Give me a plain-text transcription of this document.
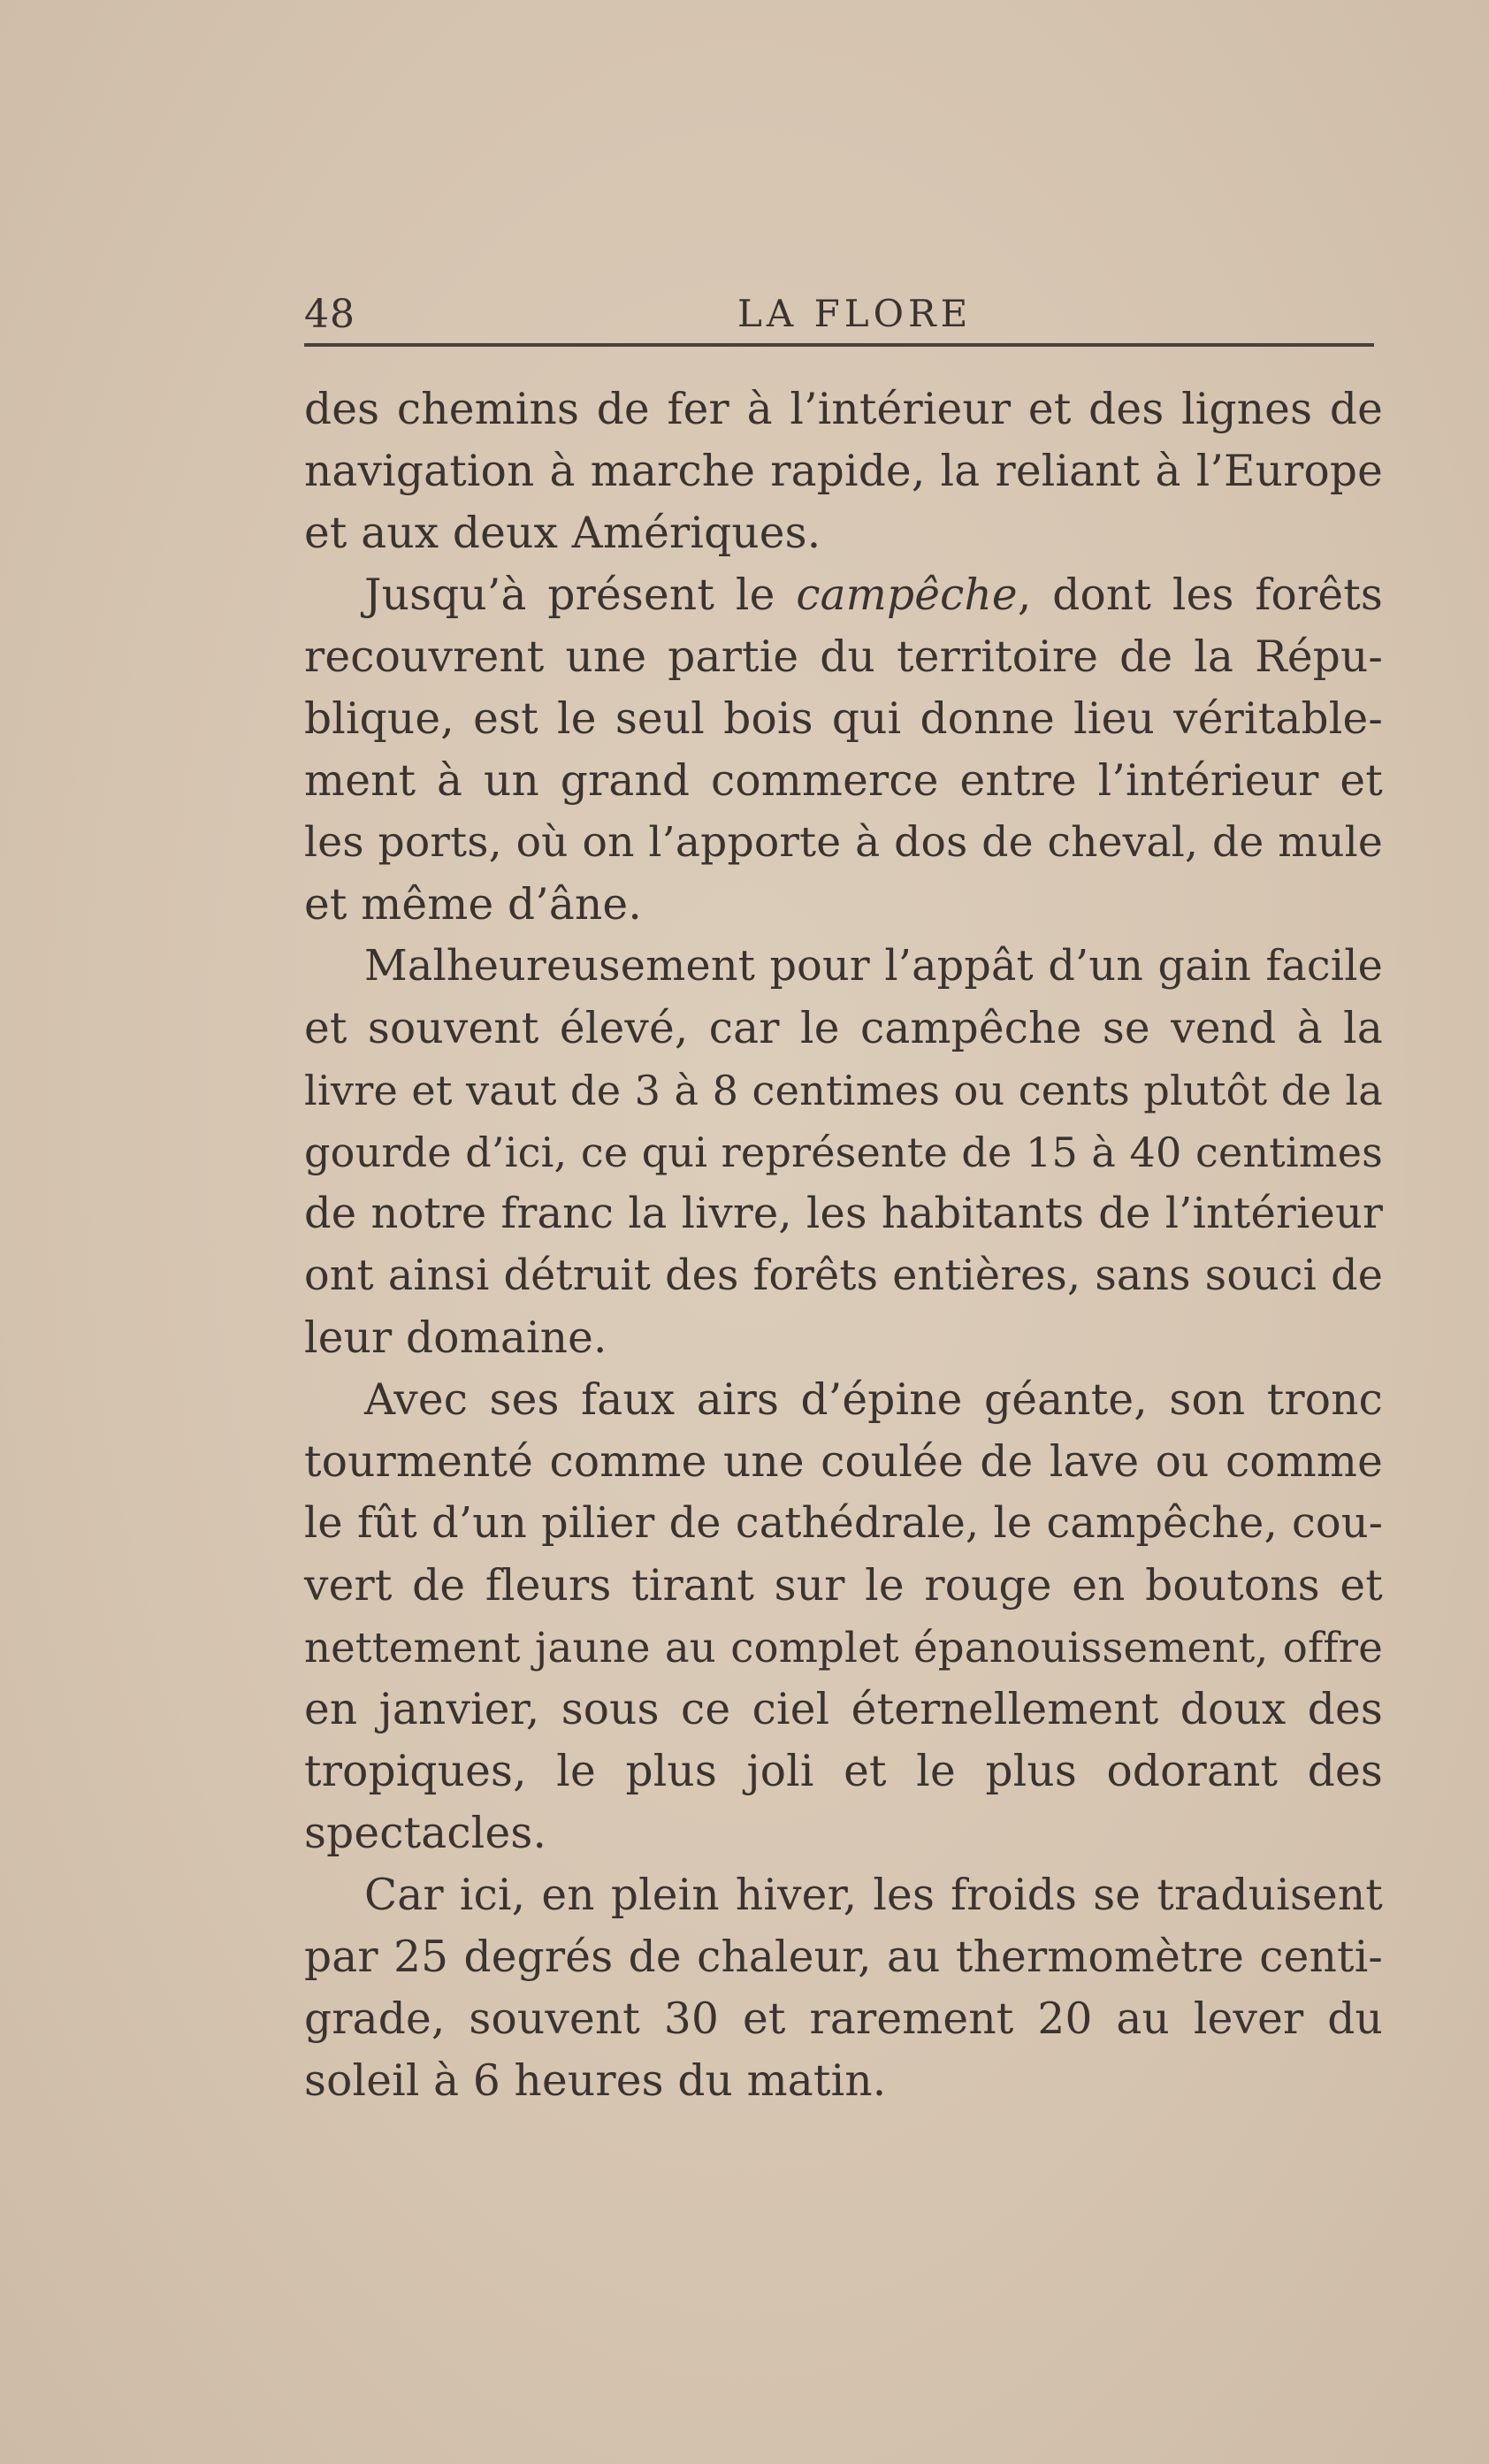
48	LA FLORE
des chemins de fer à l’intérieur et des lignes de
navigation à marche rapide, la reliant à l’Europe
et aux deux Amériques.
Jusqu’à présent le campêche, dont les forêts
recouvrent une partie du territoire de la Répu-
blique, est le seul bois qui donne lieu véritable-
ment à un grand commerce entre l’intérieur et
les ports, où on l’apporte à dos de cheval, de mule
et même d’âne.
Malheureusement pour l’appât d’un gain facile
et souvent élevé, car le campêche se vend à la
livre et vaut de 3 à 8 centimes ou cents plutôt de la
gourde d’ici, ce qui représente de 15 à 40 centimes
de notre franc la livre, les habitants de l’intérieur
ont ainsi détruit des forêts entières, sans souci de
leur domaine.
Avec ses faux airs d’épine géante, son tronc
tourmenté comme une coulée de lave ou comme
le fût d’un pilier de cathédrale, le campêche, cou-
vert de fleurs tirant sur le rouge en boutons et
nettement jaune au complet épanouissement, offre
en janvier, sous ce ciel éternellement doux des
tropiques, le plus joli et le plus odorant des
spectacles.
Car ici, en plein hiver, les froids se traduisent
par 25 degrés de chaleur, au thermomètre centi-
grade, souvent 30 et rarement 20 au lever du
soleil à 6 heures du matin.
